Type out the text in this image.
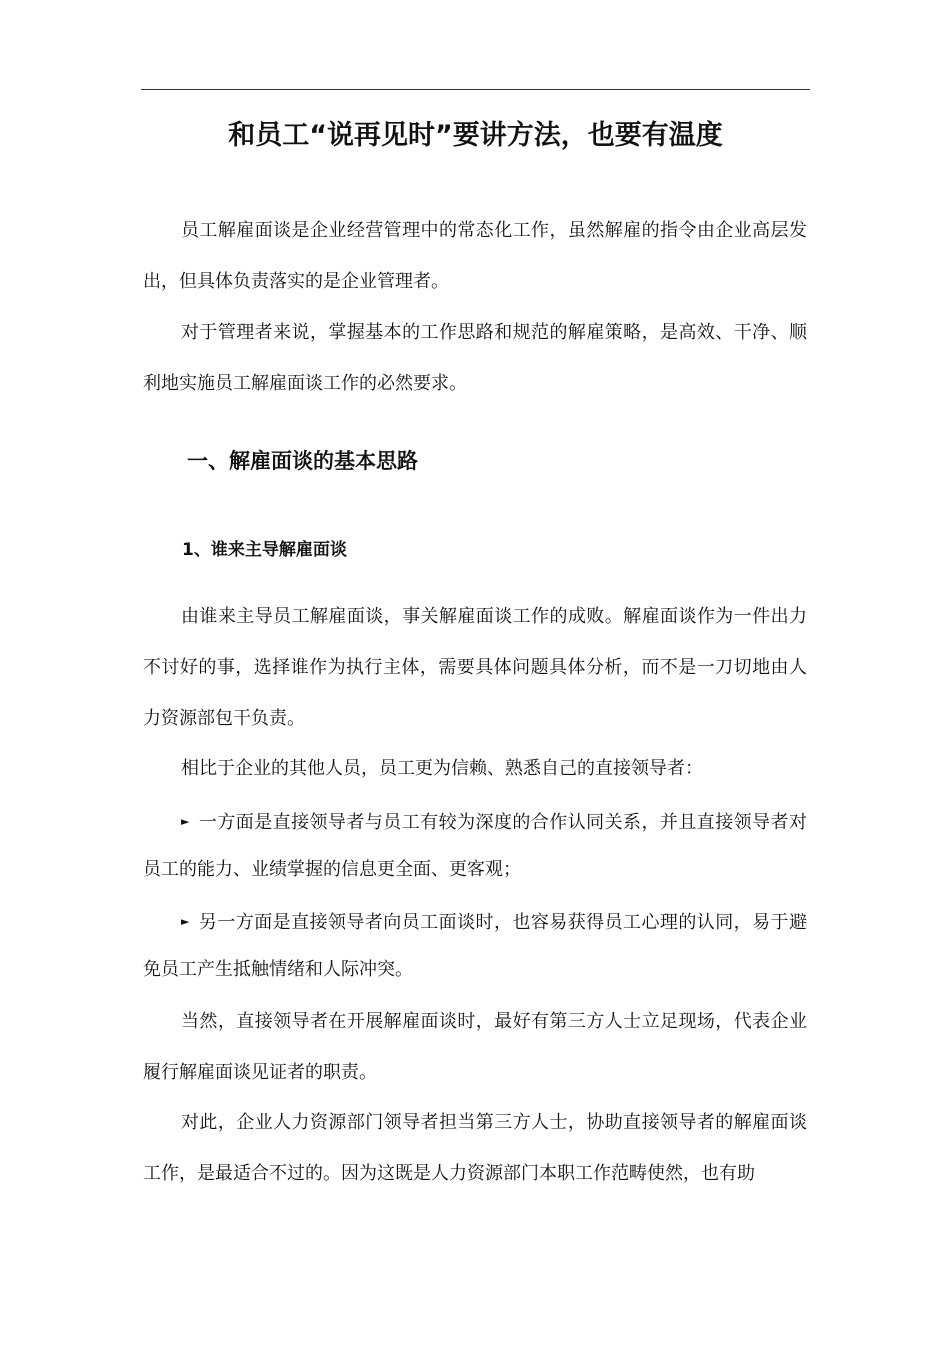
和员工“说再见时”要讲方法，也要有温度

员工解雇面谈是企业经营管理中的常态化工作，虽然解雇的指令由企业高层发出，但具体负责落实的是企业管理者。

对于管理者来说，掌握基本的工作思路和规范的解雇策略，是高效、干净、顺利地实施员工解雇面谈工作的必然要求。

一、解雇面谈的基本思路
1、谁来主导解雇面谈

由谁来主导员工解雇面谈，事关解雇面谈工作的成败。解雇面谈作为一件出力不讨好的事，选择谁作为执行主体，需要具体问题具体分析，而不是一刀切地由人力资源部包干负责。

相比于企业的其他人员，员工更为信赖、熟悉自己的直接领导者：

► 一方面是直接领导者与员工有较为深度的合作认同关系，并且直接领导者对员工的能力、业绩掌握的信息更全面、更客观；

► 另一方面是直接领导者向员工面谈时，也容易获得员工心理的认同，易于避免员工产生抵触情绪和人际冲突。

当然，直接领导者在开展解雇面谈时，最好有第三方人士立足现场，代表企业履行解雇面谈见证者的职责。

对此，企业人力资源部门领导者担当第三方人士，协助直接领导者的解雇面谈工作，是最适合不过的。因为这既是人力资源部门本职工作范畴使然，也有助
